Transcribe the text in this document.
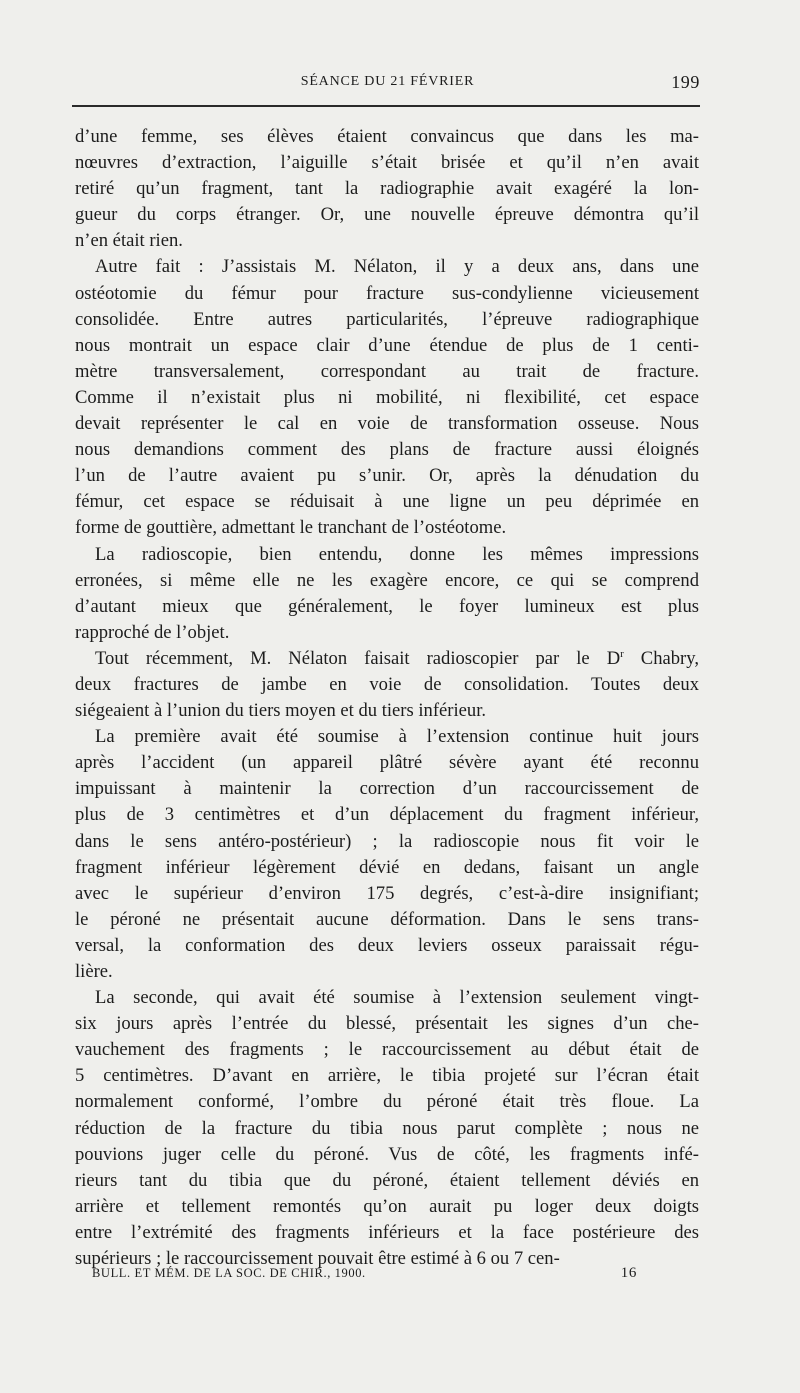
SÉANCE DU 21 FÉVRIER	199
d’une femme, ses élèves étaient convaincus que dans les ma-
nœuvres d’extraction, l’aiguille s’était brisée et qu’il n’en avait
retiré qu’un fragment, tant la radiographie avait exagéré la lon-
gueur du corps étranger. Or, une nouvelle épreuve démontra qu’il
n’en était rien.
Autre fait : J’assistais M. Nélaton, il y a deux ans, dans une
ostéotomie du fémur pour fracture sus-condylienne vicieusement
consolidée. Entre autres particularités, l’épreuve radiographique
nous montrait un espace clair d’une étendue de plus de 1 centi-
mètre transversalement, correspondant au trait de fracture.
Comme il n’existait plus ni mobilité, ni flexibilité, cet espace
devait représenter le cal en voie de transformation osseuse. Nous
nous demandions comment des plans de fracture aussi éloignés
l’un de l’autre avaient pu s’unir. Or, après la dénudation du
fémur, cet espace se réduisait à une ligne un peu déprimée en
forme de gouttière, admettant le tranchant de l’ostéotome.
La radioscopie, bien entendu, donne les mêmes impressions
erronées, si même elle ne les exagère encore, ce qui se comprend
d’autant mieux que généralement, le foyer lumineux est plus
rapproché de l’objet.
Tout récemment, M. Nélaton faisait radioscopier par le $D^r$ Chabry,
deux fractures de jambe en voie de consolidation. Toutes deux
siégeaient à l’union du tiers moyen et du tiers inférieur.
La première avait été soumise à l’extension continue huit jours
après l’accident (un appareil plâtré sévère ayant été reconnu
impuissant à maintenir la correction d’un raccourcissement de
plus de 3 centimètres et d’un déplacement du fragment inférieur,
dans le sens antéro-postérieur) ; la radioscopie nous fit voir le
fragment inférieur légèrement dévié en dedans, faisant un angle
avec le supérieur d’environ 175 degrés, c’est-à-dire insignifiant;
le péroné ne présentait aucune déformation. Dans le sens trans-
versal, la conformation des deux leviers osseux paraissait régu-
lière.
La seconde, qui avait été soumise à l’extension seulement vingt-
six jours après l’entrée du blessé, présentait les signes d’un che-
vauchement des fragments ; le raccourcissement au début était de
5 centimètres. D’avant en arrière, le tibia projeté sur l’écran était
normalement conformé, l’ombre du péroné était très floue. La
réduction de la fracture du tibia nous parut complète ; nous ne
pouvions juger celle du péroné. Vus de côté, les fragments infé-
rieurs tant du tibia que du péroné, étaient tellement déviés en
arrière et tellement remontés qu’on aurait pu loger deux doigts
entre l’extrémité des fragments inférieurs et la face postérieure des
supérieurs ; le raccourcissement pouvait être estimé à 6 ou 7 cen-
BULL. ET MÉM. DE LA SOC. DE CHIR., 1900.	16
